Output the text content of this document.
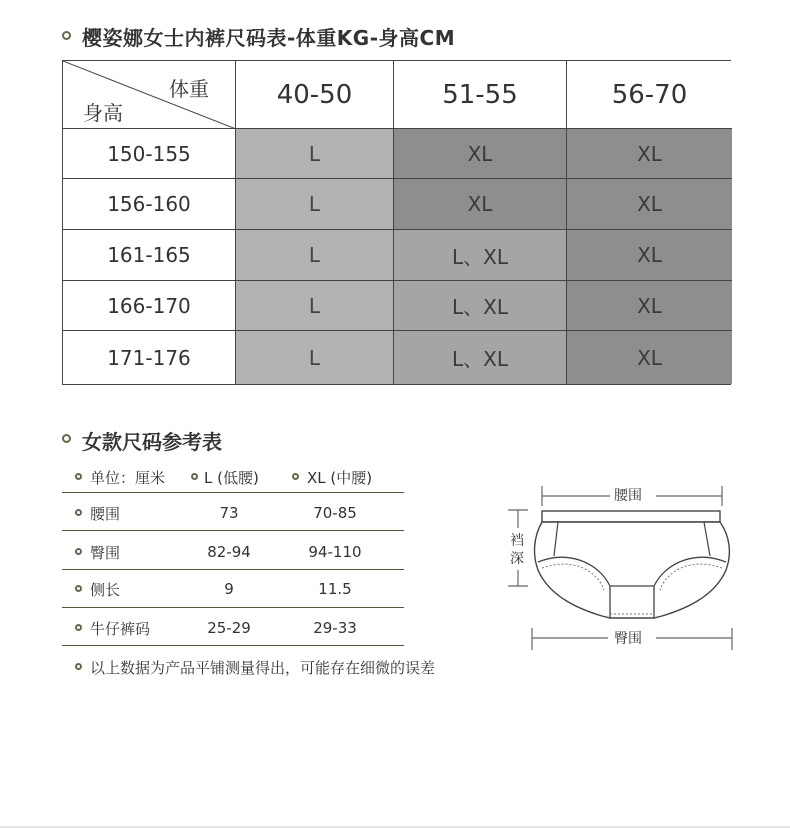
樱姿娜女士内裤尺码表-体重KG-身高CM
体重
身高
40-50	51-55	56-70
150-155	L	XL	XL
156-160	L	XL	XL
161-165	L	L、XL	XL
166-170	L	L、XL	XL
171-176	L	L、XL	XL
女款尺码参考表
单位：厘米	L (低腰)	XL (中腰)
腰围	73	70-85
臀围	82-94	94-110
侧长	9	11.5
牛仔裤码	25-29	29-33
以上数据为产品平铺测量得出，可能存在细微的误差
腰围
臀围
裆
深
